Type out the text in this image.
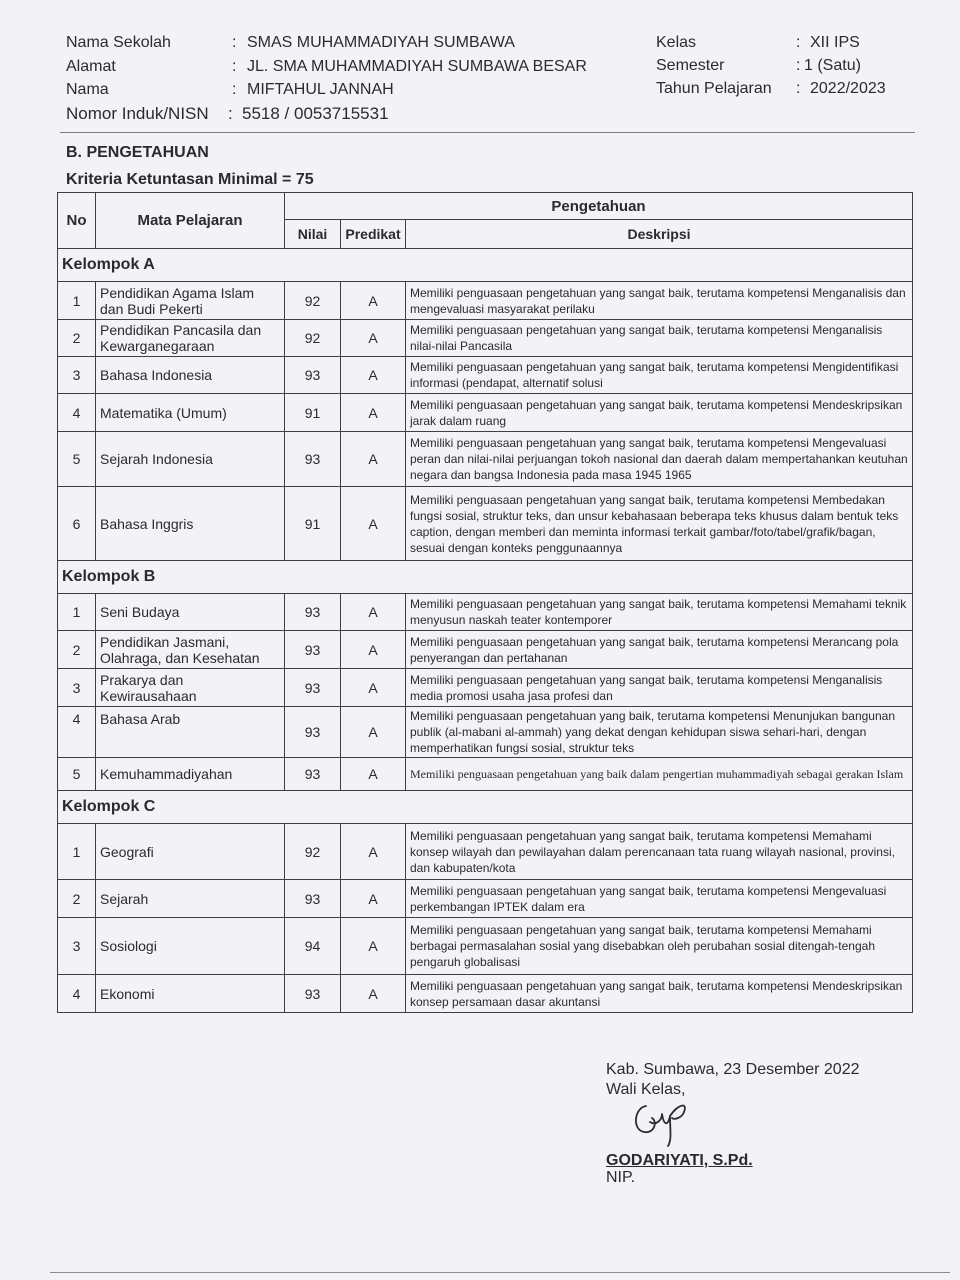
Nama Sekolah	: SMAS MUHAMMADIYAH SUMBAWA
Alamat	: JL. SMA MUHAMMADIYAH SUMBAWA BESAR
Nama	: MIFTAHUL JANNAH
Nomor Induk/NISN : 5518 / 0053715531
Kelas	: XII IPS
Semester	: 1 (Satu)
Tahun Pelajaran : 2022/2023
B. PENGETAHUAN
Kriteria Ketuntasan Minimal = 75
No	Mata Pelajaran	Pengetahuan		
		Nilai	Predikat	Deskripsi
Kelompok A				
1	Pendidikan Agama Islam dan Budi Pekerti	92	A	Memiliki penguasaan pengetahuan yang sangat baik, terutama kompetensi Menganalisis dan mengevaluasi masyarakat perilaku
2	Pendidikan Pancasila dan Kewarganegaraan	92	A	Memiliki penguasaan pengetahuan yang sangat baik, terutama kompetensi Menganalisis nilai-nilai Pancasila
3	Bahasa Indonesia	93	A	Memiliki penguasaan pengetahuan yang sangat baik, terutama kompetensi Mengidentifikasi informasi (pendapat, alternatif solusi
4	Matematika (Umum)	91	A	Memiliki penguasaan pengetahuan yang sangat baik, terutama kompetensi Mendeskripsikan jarak dalam ruang
5	Sejarah Indonesia	93	A	Memiliki penguasaan pengetahuan yang sangat baik, terutama kompetensi Mengevaluasi peran dan nilai-nilai perjuangan tokoh nasional dan daerah dalam mempertahankan keutuhan negara dan bangsa Indonesia pada masa 1945 1965
6	Bahasa Inggris	91	A	Memiliki penguasaan pengetahuan yang sangat baik, terutama kompetensi Membedakan fungsi sosial, struktur teks, dan unsur kebahasaan beberapa teks khusus dalam bentuk teks caption, dengan memberi dan meminta informasi terkait gambar/foto/tabel/grafik/bagan, sesuai dengan konteks penggunaannya
Kelompok B				
1	Seni Budaya	93	A	Memiliki penguasaan pengetahuan yang sangat baik, terutama kompetensi Memahami teknik menyusun naskah teater kontemporer
2	Pendidikan Jasmani, Olahraga, dan Kesehatan	93	A	Memiliki penguasaan pengetahuan yang sangat baik, terutama kompetensi Merancang pola penyerangan dan pertahanan
3	Prakarya dan Kewirausahaan	93	A	Memiliki penguasaan pengetahuan yang sangat baik, terutama kompetensi Menganalisis media promosi usaha jasa profesi dan
4	Bahasa Arab	93	A	Memiliki penguasaan pengetahuan yang baik, terutama kompetensi Menunjukan bangunan publik (al-mabani al-ammah) yang dekat dengan kehidupan siswa sehari-hari, dengan memperhatikan fungsi sosial, struktur teks
5	Kemuhammadiyahan	93	A	Memiliki penguasaan pengetahuan yang baik dalam pengertian muhammadiyah sebagai gerakan Islam
Kelompok C				
1	Geografi	92	A	Memiliki penguasaan pengetahuan yang sangat baik, terutama kompetensi Memahami konsep wilayah dan pewilayahan dalam perencanaan tata ruang wilayah nasional, provinsi, dan kabupaten/kota
2	Sejarah	93	A	Memiliki penguasaan pengetahuan yang sangat baik, terutama kompetensi Mengevaluasi perkembangan IPTEK dalam era
3	Sosiologi	94	A	Memiliki penguasaan pengetahuan yang sangat baik, terutama kompetensi Memahami berbagai permasalahan sosial yang disebabkan oleh perubahan sosial ditengah-tengah pengaruh globalisasi
4	Ekonomi	93	A	Memiliki penguasaan pengetahuan yang sangat baik, terutama kompetensi Mendeskripsikan konsep persamaan dasar akuntansi
Kab. Sumbawa, 23 Desember 2022
Wali Kelas,
GODARIYATI, S.Pd.
NIP.
